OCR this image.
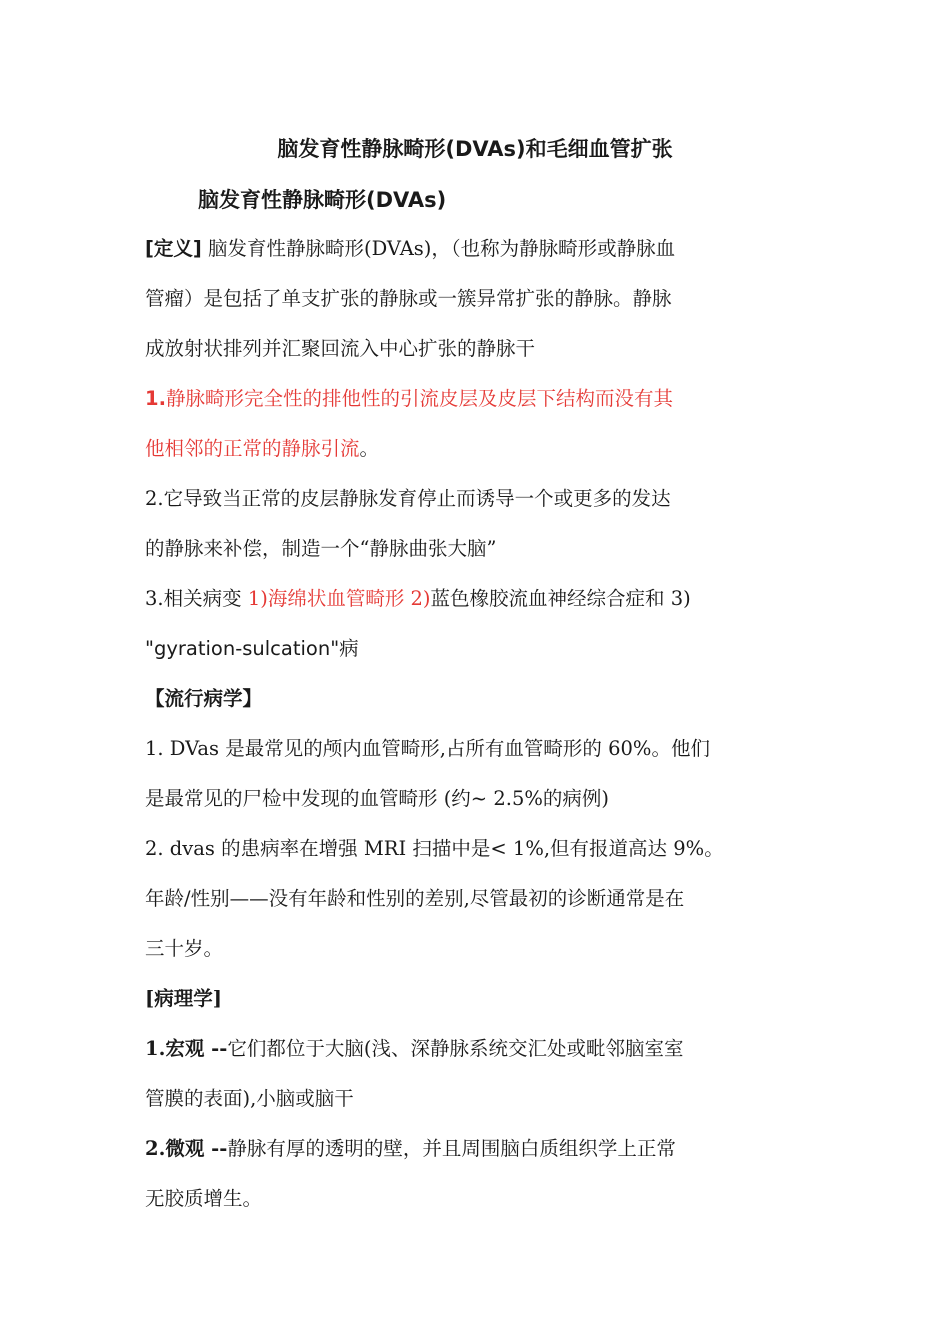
脑发育性静脉畸形(DVAs)和毛细血管扩张
脑发育性静脉畸形(DVAs)
[定义] 脑发育性静脉畸形(DVAs)，（也称为静脉畸形或静脉血
管瘤）是包括了单支扩张的静脉或一簇异常扩张的静脉。静脉
成放射状排列并汇聚回流入中心扩张的静脉干
1.静脉畸形完全性的排他性的引流皮层及皮层下结构而没有其
他相邻的正常的静脉引流。
2.它导致当正常的皮层静脉发育停止而诱导一个或更多的发达
的静脉来补偿，制造一个“静脉曲张大脑”
3.相关病变 1)海绵状血管畸形 2)蓝色橡胶流血神经综合症和 3)
"gyration-sulcation"病
【流行病学】
1. DVas 是最常见的颅内血管畸形,占所有血管畸形的 60%。他们
是最常见的尸检中发现的血管畸形 (约~ 2.5%的病例)
2. dvas 的患病率在增强 MRI 扫描中是< 1%,但有报道高达 9%。
年龄/性别——没有年龄和性别的差别,尽管最初的诊断通常是在
三十岁。
[病理学]
1.宏观 --它们都位于大脑(浅、深静脉系统交汇处或毗邻脑室室
管膜的表面),小脑或脑干
2.微观 --静脉有厚的透明的壁，并且周围脑白质组织学上正常
无胶质增生。
